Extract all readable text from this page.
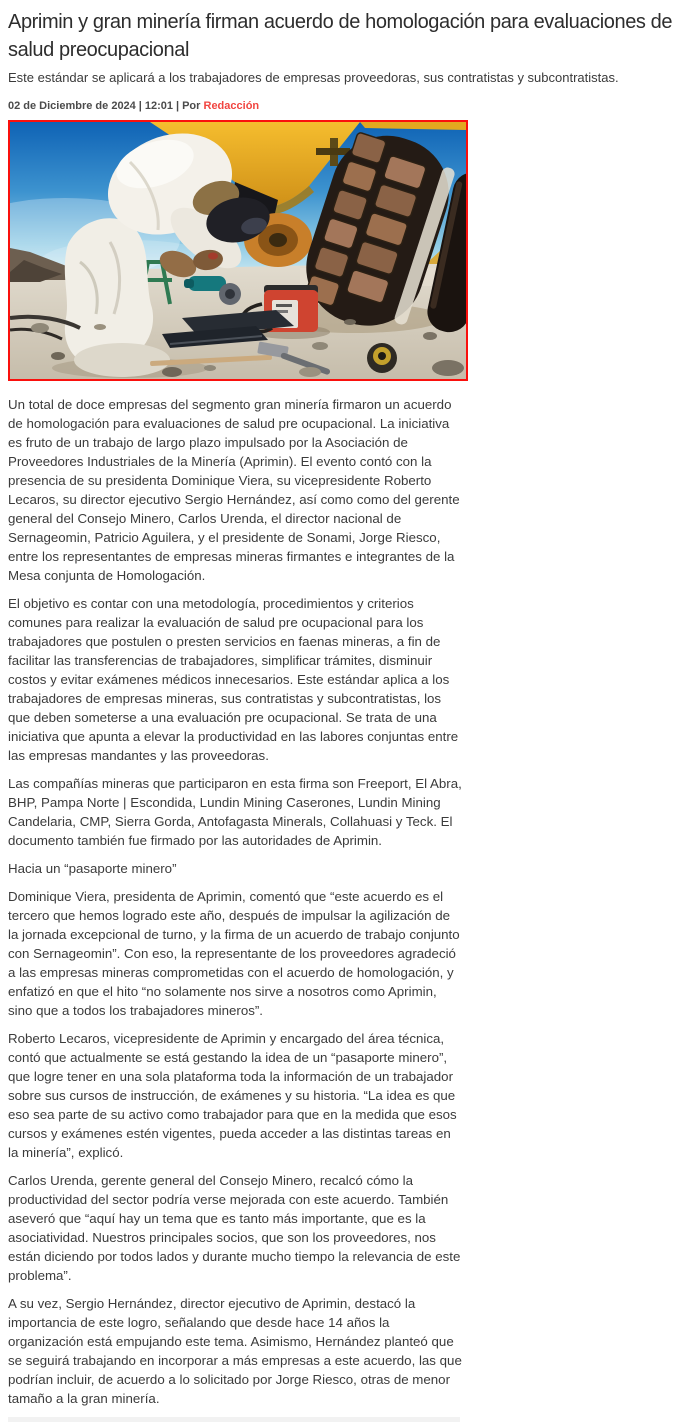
Aprimin y gran minería firman acuerdo de homologación para evaluaciones de salud preocupacional

Este estándar se aplicará a los trabajadores de empresas proveedoras, sus contratistas y subcontratistas.

02 de Diciembre de 2024 | 12:01 | Por Redacción

Un total de doce empresas del segmento gran minería firmaron un acuerdo de homologación para evaluaciones de salud pre ocupacional. La iniciativa es fruto de un trabajo de largo plazo impulsado por la Asociación de Proveedores Industriales de la Minería (Aprimin). El evento contó con la presencia de su presidenta Dominique Viera, su vicepresidente Roberto Lecaros, su director ejecutivo Sergio Hernández, así como como del gerente general del Consejo Minero, Carlos Urenda, el director nacional de Sernageomin, Patricio Aguilera, y el presidente de Sonami, Jorge Riesco, entre los representantes de empresas mineras firmantes e integrantes de la Mesa conjunta de Homologación.

El objetivo es contar con una metodología, procedimientos y criterios comunes para realizar la evaluación de salud pre ocupacional para los trabajadores que postulen o presten servicios en faenas mineras, a fin de facilitar las transferencias de trabajadores, simplificar trámites, disminuir costos y evitar exámenes médicos innecesarios. Este estándar aplica a los trabajadores de empresas mineras, sus contratistas y subcontratistas, los que deben someterse a una evaluación pre ocupacional. Se trata de una iniciativa que apunta a elevar la productividad en las labores conjuntas entre las empresas mandantes y las proveedoras.

Las compañías mineras que participaron en esta firma son Freeport, El Abra, BHP, Pampa Norte | Escondida, Lundin Mining Caserones, Lundin Mining Candelaria, CMP, Sierra Gorda, Antofagasta Minerals, Collahuasi y Teck. El documento también fue firmado por las autoridades de Aprimin.

Hacia un “pasaporte minero”

Dominique Viera, presidenta de Aprimin, comentó que “este acuerdo es el tercero que hemos logrado este año, después de impulsar la agilización de la jornada excepcional de turno, y la firma de un acuerdo de trabajo conjunto con Sernageomin”. Con eso, la representante de los proveedores agradeció a las empresas mineras comprometidas con el acuerdo de homologación, y enfatizó en que el hito “no solamente nos sirve a nosotros como Aprimin, sino que a todos los trabajadores mineros”.

Roberto Lecaros, vicepresidente de Aprimin y encargado del área técnica, contó que actualmente se está gestando la idea de un “pasaporte minero”, que logre tener en una sola plataforma toda la información de un trabajador sobre sus cursos de instrucción, de exámenes y su historia. “La idea es que eso sea parte de su activo como trabajador para que en la medida que esos cursos y exámenes estén vigentes, pueda acceder a las distintas tareas en la minería”, explicó.

Carlos Urenda, gerente general del Consejo Minero, recalcó cómo la productividad del sector podría verse mejorada con este acuerdo. También aseveró que “aquí hay un tema que es tanto más importante, que es la asociatividad. Nuestros principales socios, que son los proveedores, nos están diciendo por todos lados y durante mucho tiempo la relevancia de este problema”.

A su vez, Sergio Hernández, director ejecutivo de Aprimin, destacó la importancia de este logro, señalando que desde hace 14 años la organización está empujando este tema. Asimismo, Hernández planteó que se seguirá trabajando en incorporar a más empresas a este acuerdo, las que podrían incluir, de acuerdo a lo solicitado por Jorge Riesco, otras de menor tamaño a la gran minería.
